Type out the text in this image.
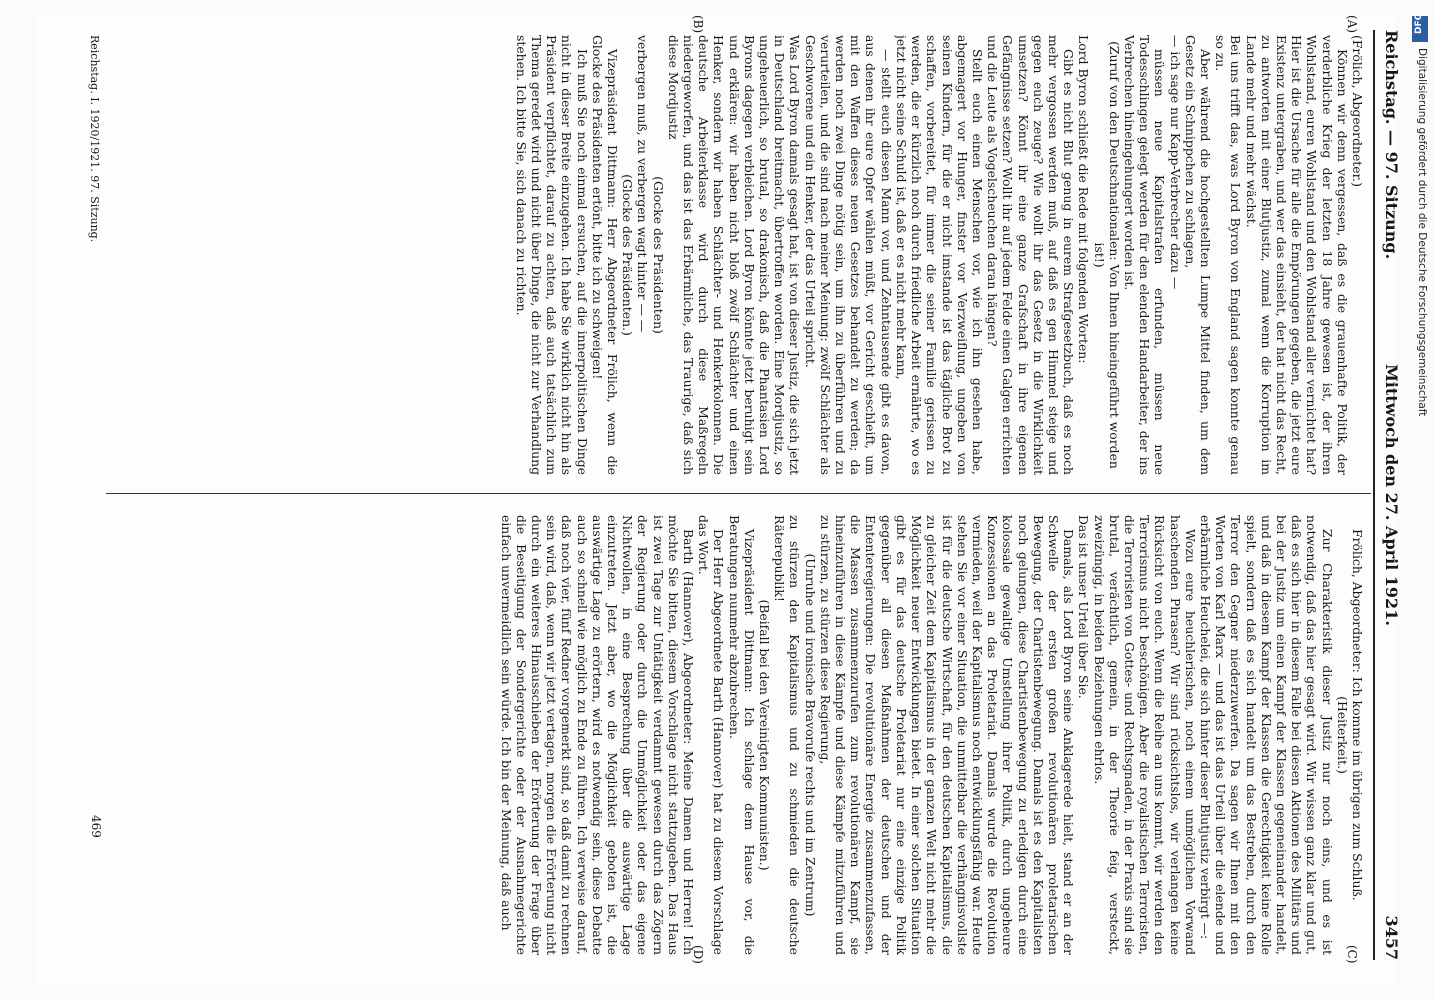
Reichstag. — 97. Sitzung.
Mittwoch den 27. April 1921.
3457
(A)
(B)
(C)
(D)

(Frölich, Abgeordneter.)

Können wir denn vergessen, daß es die grauenhafte Politik, der verderbliche Krieg der letzten 18 Jahre gewesen ist, der ihren Wohlstand, euren Wohlstand und den Wohlstand aller vernichtet hat? Hier ist die Ursache für alle die Empörungen gegeben, die jetzt eure Existenz untergraben, und wer das einsieht, der hat nicht das Recht, zu antworten mit einer Blutjustiz, zumal wenn die Korruption im Lande mehr und mehr wächst.

Bei uns trifft das, was Lord Byron von England sagen konnte genau so zu.

Aber während die hochgestellten Lumpe Mittel finden, um dem Gesetz ein Schnippchen zu schlagen,

— ich sage nur Kapp-Verbrecher dazu —

müssen neue Kapitalstrafen erfunden, müssen neue Todesschlingen gelegt werden für den elenden Handarbeiter, der ins Verbrechen hineingehungert worden ist.

(Zuruf von den Deutschnationalen: Von Ihnen hineingeführt worden ist!)

Lord Byron schließt die Rede mit folgenden Worten:

Gibt es nicht Blut genug in eurem Strafgesetzbuch, daß es noch mehr vergossen werden muß, auf daß es gen Himmel steige und gegen euch zeuge? Wie wollt ihr das Gesetz in die Wirklichkeit umsetzen? Könnt ihr eine ganze Grafschaft in ihre eigenen Gefängnisse setzen? Wollt ihr auf jedem Felde einen Galgen errichten und die Leute als Vogelscheuchen daran hängen?

Stellt euch einen Menschen vor, wie ich ihn gesehen habe, abgemagert vor Hunger, finster vor Verzweiflung, ungeben von seinen Kindern, für die er nicht imstande ist das tägliche Brot zu schaffen, vorbereitet, für immer die seiner Familie gerissen zu werden, die er kürzlich noch durch friedliche Arbeit ernährte, wo es jetzt nicht seine Schuld ist, daß er es nicht mehr kann,

— stellt euch diesen Mann vor, und Zehntausende gibt es davon, aus denen ihr eure Opfer wählen müßt, vor Gericht geschleift, um mit den Waffen dieses neuen Gesetzes behandelt zu werden; da werden noch zwei Dinge nötig sein, um ihn zu überführen und zu verurteilen, und die sind nach meiner Meinung: zwölf Schlächter als Geschworene und ein Henker, der das Urteil spricht.

Was Lord Byron damals gesagt hat, ist von dieser Justiz, die sich jetzt in Deutschland breitmacht, übertroffen worden. Eine Mordjustiz, so ungeheuerlich, so brutal, so drakonisch, daß die Phantasien Lord Byrons dagegen verbleichen. Lord Byron könnte jetzt beruhigt sein und erklären: wir haben nicht bloß zwölf Schlächter und einen Henker, sondern wir haben Schlächter- und Henkerkolonnen. Die deutsche Arbeiterklasse wird durch diese Maßregeln niedergeworfen, und das ist das Erbärmliche, das Traurige, daß sich diese Mordjustiz

(Glocke des Präsidenten)

verbergen muß, zu verbergen wagt hinter — —

(Glocke des Präsidenten.)

Vizepräsident Dittmann: Herr Abgeordneter Frölich, wenn die Glocke des Präsidenten ertönt, bitte ich zu schweigen!

Ich muß Sie noch einmal ersuchen, auf die innerpolitischen Dinge nicht in dieser Breite einzugehen. Ich habe Sie wirklich nicht hin als Präsident verpflichtet, darauf zu achten, daß auch tatsächlich zum Thema geredet wird und nicht über Dinge, die nicht zur Verhandlung stehen. Ich bitte Sie, sich danach zu richten.

Frölich, Abgeordneter: Ich komme im übrigen zum Schluß.

(Heiterkeit.)

Zur Charakteristik dieser Justiz nur noch eins, und es ist notwendig, daß das hier gesagt wird. Wir wissen ganz klar und gut, daß es sich hier in diesem Falle bei diesen Aktionen des Militärs und bei der Justiz um einen Kampf der Klassen gegeneinander handelt, und daß in diesem Kampf der Klassen die Gerechtigkeit keine Rolle spielt, sondern daß es sich handelt um das Bestreben, durch den Terror den Gegner niederzuwerfen. Da sagen wir Ihnen mit den Worten von Karl Marx — und das ist das Urteil über die elende und erbärmliche Heuchelei, die sich hinter dieser Blutjustiz verbirgt —:

Wozu eure heuchlerischen, noch einem unmöglichen Vorwand haschenden Phrasen? Wir sind rücksichtslos, wir verlangen keine Rücksicht von euch. Wenn die Reihe an uns kommt, wir werden den Terrorismus nicht beschönigen. Aber die royalistischen Terroristen, die Terroristen von Gottes- und Rechtsgnaden, in der Praxis sind sie brutal, verächtlich, gemein, in der Theorie feig, versteckt, zweizüngig, in beiden Beziehungen ehrlos.

Das ist unser Urteil über Sie.

Damals, als Lord Byron seine Anklagerede hielt, stand er an der Schwelle der ersten großen revolutionären proletarischen Bewegung, der Chartistenbewegung. Damals ist es den Kapitalisten noch gelungen, diese Chartistenbewegung zu erledigen durch eine kolossale gewaltige Umstellung ihrer Politik, durch ungeheure Konzessionen an das Proletariat. Damals wurde die Revolution vermieden, weil der Kapitalismus noch entwicklungsfähig war. Heute stehen Sie vor einer Situation, die unmittelbar die verhängnisvollste ist für die deutsche Wirtschaft, für den deutschen Kapitalismus, die zu gleicher Zeit dem Kapitalismus in der ganzen Welt nicht mehr die Möglichkeit neuer Entwicklungen bietet. In einer solchen Situation gibt es für das deutsche Proletariat nur eine einzige Politik gegenüber all diesen Maßnahmen der deutschen und der Ententeregierungen: Die revolutionäre Energie zusammenzufassen, die Massen zusammenzurufen zum revolutionären Kampf, sie hineinzuführen in diese Kämpfe und diese Kämpfe mitzuführen und zu stürzen, zu stürzen diese Regierung,

(Unruhe und ironische Bravorufe rechts und im Zentrum)

zu stürzen den Kapitalismus und zu schmieden die deutsche Räterepublik!

(Beifall bei den Vereinigten Kommunisten.)

Vizepräsident Dittmann: Ich schlage dem Hause vor, die Beratungen nunmehr abzubrechen.

Der Herr Abgeordnete Barth (Hannover) hat zu diesem Vorschlage das Wort.

Barth (Hannover), Abgeordneter: Meine Damen und Herren! Ich möchte Sie bitten, diesem Vorschlage nicht stattzugeben. Das Haus ist zwei Tage zur Untätigkeit verdammt gewesen durch das Zögern der Regierung oder durch die Unmöglichkeit oder das eigene Nichtwollen, in eine Besprechung über die auswärtige Lage einzutreten. Jetzt aber, wo die Möglichkeit geboten ist, die auswärtige Lage zu erörtern, wird es notwendig sein, diese Debatte auch so schnell wie möglich zu Ende zu führen. Ich verweise darauf, daß noch vier, fünf Redner vorgemerkt sind, so daß damit zu rechnen sein wird, daß, wenn wir jetzt vertagen, morgen die Erörterung nicht durch ein weiteres Hinausschieben der Erörterung der Frage über die Beseitigung der Sondergerichte oder der Ausnahmegerichte einfach unvermeidlich sein würde. Ich bin der Meinung, daß auch

Reichstag. I. 1920/1921. 97. Sitzung.
469
DFG
Digitalisierung gefördert durch die Deutsche Forschungsgemeinschaft
